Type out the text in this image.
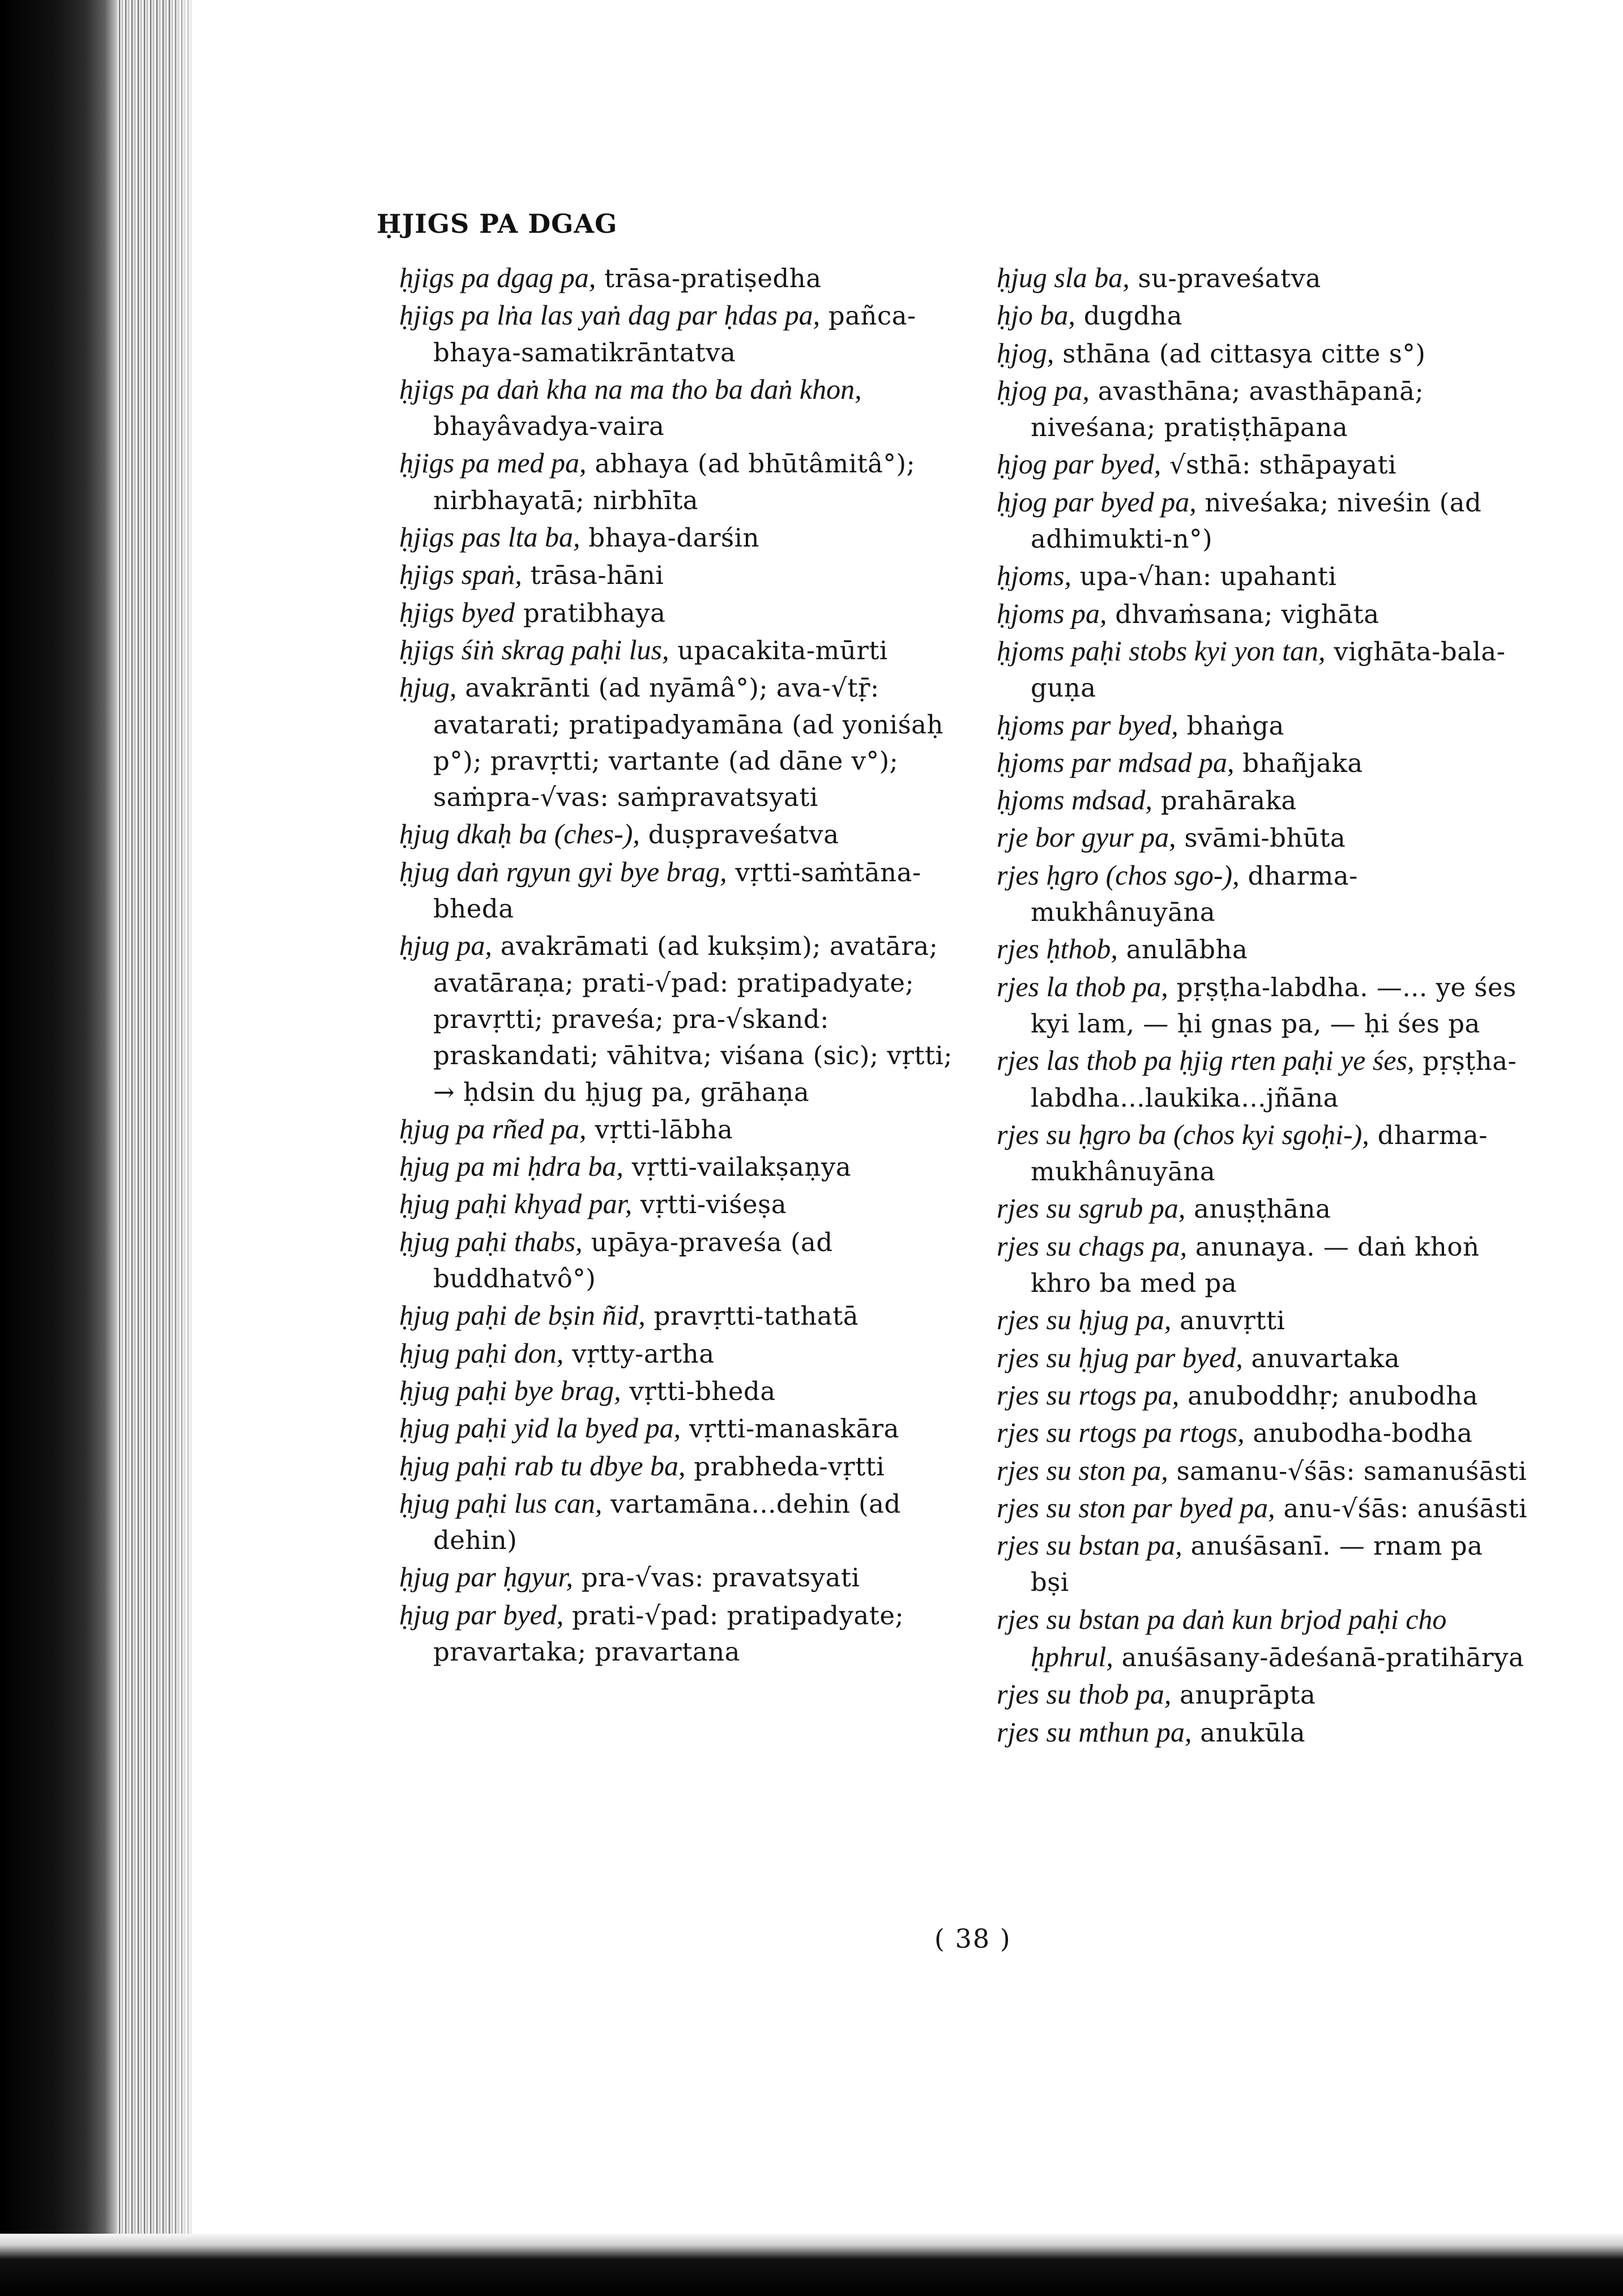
ḤJIGS PA DGAG

ḥjigs pa dgag pa, trāsa-pratiṣedha

ḥjigs pa lṅa las yaṅ dag par ḥdas pa, pañca-bhaya-samatikrāntatva

ḥjigs pa daṅ kha na ma tho ba daṅ khon, bhayâvadya-vaira

ḥjigs pa med pa, abhaya (ad bhūtâmitâ°); nirbhayatā; nirbhīta

ḥjigs pas lta ba, bhaya-darśin

ḥjigs spaṅ, trāsa-hāni

ḥjigs byed pratibhaya

ḥjigs śiṅ skrag paḥi lus, upacakita-mūrti

ḥjug, avakrānti (ad nyāmâ°); ava-√tṝ: avatarati; pratipadyamāna (ad yoniśaḥ p°); pravṛtti; vartante (ad dāne v°); saṁpra-√vas: saṁpravatsyati

ḥjug dkaḥ ba (ches-), duṣpraveśatva

ḥjug daṅ rgyun gyi bye brag, vṛtti-saṁtāna-bheda

ḥjug pa, avakrāmati (ad kukṣim); avatāra; avatāraṇa; prati-√pad: pratipadyate; pravṛtti; praveśa; pra-√skand: praskandati; vāhitva; viśana (sic); vṛtti; → ḥdsin du ḥjug pa, grāhaṇa

ḥjug pa rñed pa, vṛtti-lābha

ḥjug pa mi ḥdra ba, vṛtti-vailakṣaṇya

ḥjug paḥi khyad par, vṛtti-viśeṣa

ḥjug paḥi thabs, upāya-praveśa (ad buddhatvô°)

ḥjug paḥi de bṣin ñid, pravṛtti-tathatā

ḥjug paḥi don, vṛtty-artha

ḥjug paḥi bye brag, vṛtti-bheda

ḥjug paḥi yid la byed pa, vṛtti-manaskāra

ḥjug paḥi rab tu dbye ba, prabheda-vṛtti

ḥjug paḥi lus can, vartamāna...dehin (ad dehin)

ḥjug par ḥgyur, pra-√vas: pravatsyati

ḥjug par byed, prati-√pad: pratipadyate; pravartaka; pravartana

ḥjug sla ba, su-praveśatva

ḥjo ba, dugdha

ḥjog, sthāna (ad cittasya citte s°)

ḥjog pa, avasthāna; avasthāpanā; niveśana; pratiṣṭhāpana

ḥjog par byed, √sthā: sthāpayati

ḥjog par byed pa, niveśaka; niveśin (ad adhimukti-n°)

ḥjoms, upa-√han: upahanti

ḥjoms pa, dhvaṁsana; vighāta

ḥjoms paḥi stobs kyi yon tan, vighāta-bala-guṇa

ḥjoms par byed, bhaṅga

ḥjoms par mdsad pa, bhañjaka

ḥjoms mdsad, prahāraka

rje bor gyur pa, svāmi-bhūta

rjes ḥgro (chos sgo-), dharma-mukhânuyāna

rjes ḥthob, anulābha

rjes la thob pa, pṛṣṭha-labdha. —... ye śes kyi lam, — ḥi gnas pa, — ḥi śes pa

rjes las thob pa ḥjig rten paḥi ye śes, pṛṣṭha-labdha...laukika...jñāna

rjes su ḥgro ba (chos kyi sgoḥi-), dharma-mukhânuyāna

rjes su sgrub pa, anuṣṭhāna

rjes su chags pa, anunaya. — daṅ khoṅ khro ba med pa

rjes su ḥjug pa, anuvṛtti

rjes su ḥjug par byed, anuvartaka

rjes su rtogs pa, anuboddhṛ; anubodha

rjes su rtogs pa rtogs, anubodha-bodha

rjes su ston pa, samanu-√śās: samanuśāsti

rjes su ston par byed pa, anu-√śās: anuśāsti

rjes su bstan pa, anuśāsanī. — rnam pa bṣi

rjes su bstan pa daṅ kun brjod paḥi cho ḥphrul, anuśāsany-ādeśanā-pratihārya

rjes su thob pa, anuprāpta

rjes su mthun pa, anukūla

( 38 )
